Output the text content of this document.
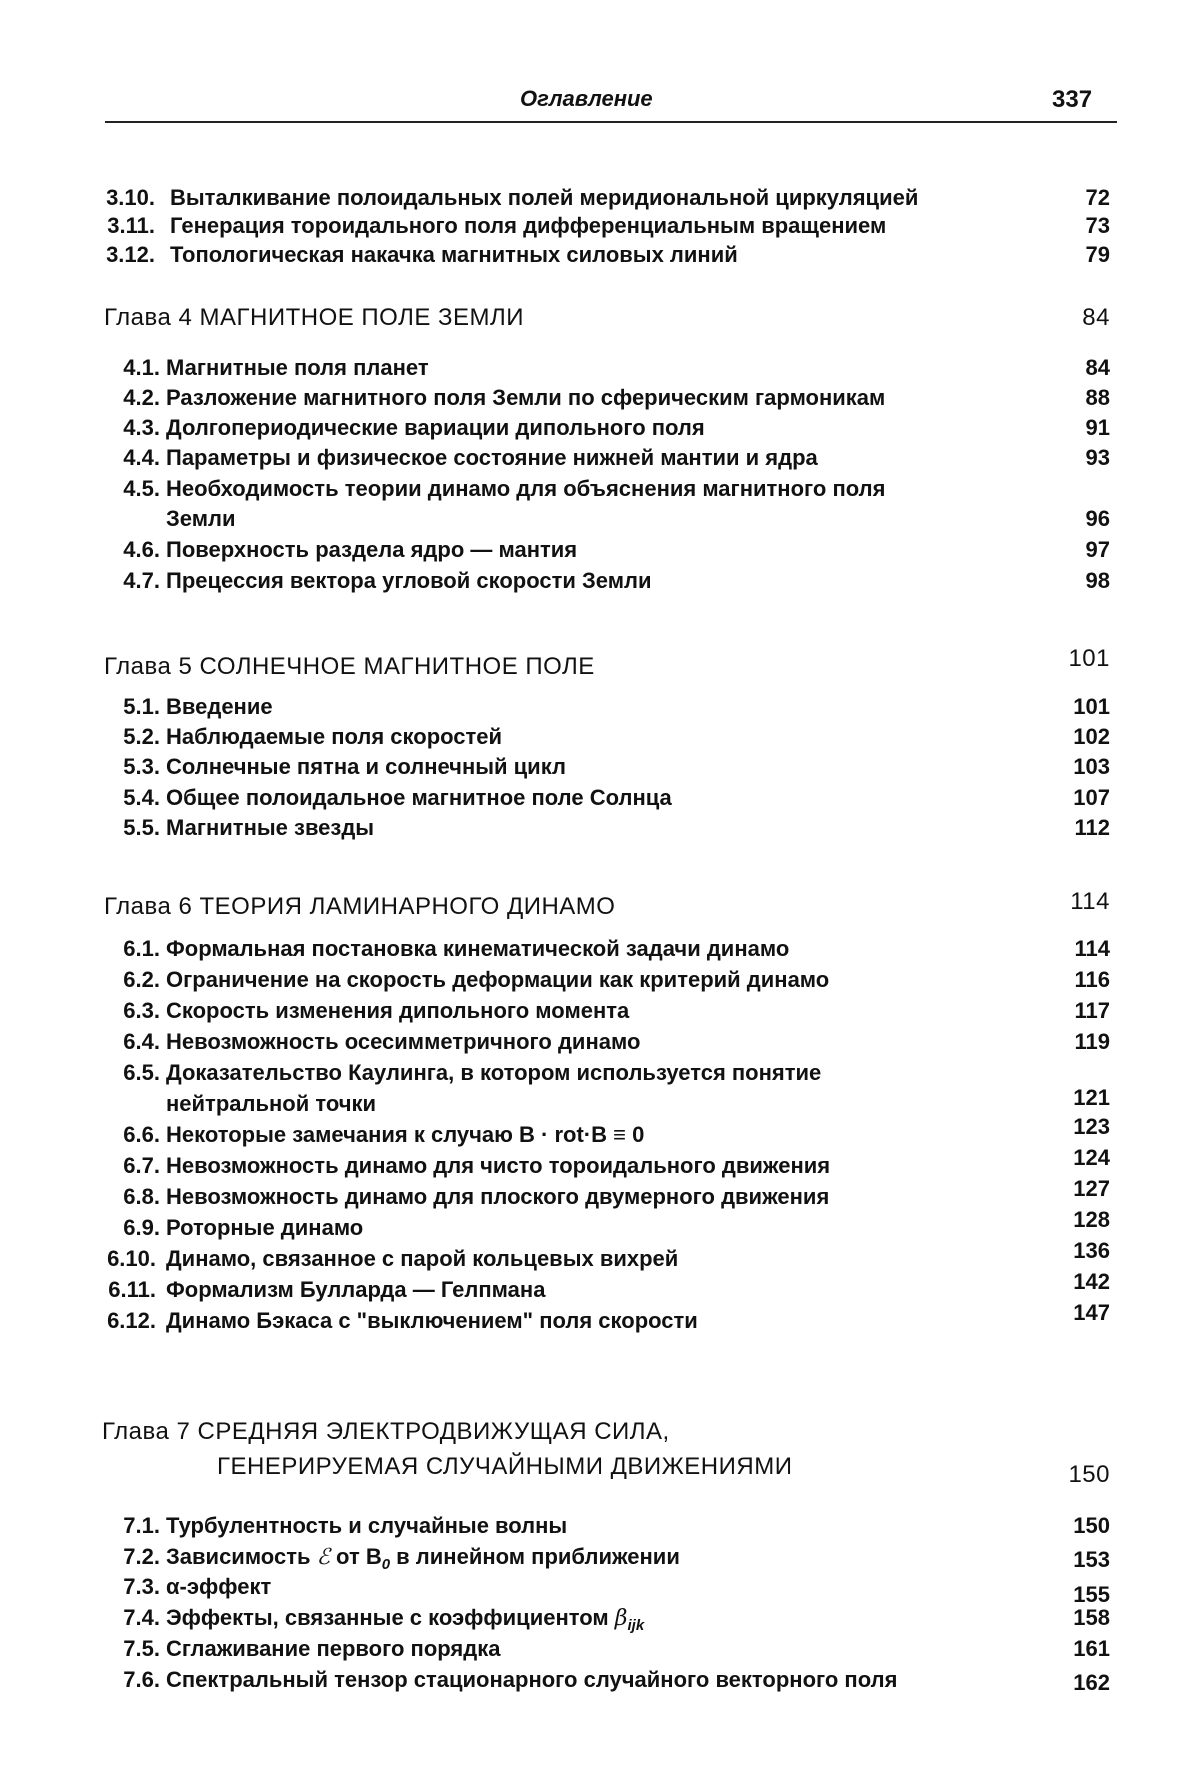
Оглавление	337
3.10. Выталкивание полоидальных полей меридиональной циркуляцией	72
3.11. Генерация тороидального поля дифференциальным вращением	73
3.12. Топологическая накачка магнитных силовых линий	79
Глава 4 МАГНИТНОЕ ПОЛЕ ЗЕМЛИ	84
4.1. Магнитные поля планет	84
4.2. Разложение магнитного поля Земли по сферическим гармоникам	88
4.3. Долгопериодические вариации дипольного поля	91
4.4. Параметры и физическое состояние нижней мантии и ядра	93
4.5. Необходимость теории динамо для объяснения магнитного поля
Земли	96
4.6. Поверхность раздела ядро — мантия	97
4.7. Прецессия вектора угловой скорости Земли	98
Глава 5 СОЛНЕЧНОЕ МАГНИТНОЕ ПОЛЕ	101
5.1. Введение	101
5.2. Наблюдаемые поля скоростей	102
5.3. Солнечные пятна и солнечный цикл	103
5.4. Общее полоидальное магнитное поле Солнца	107
5.5. Магнитные звезды	112
Глава 6 ТЕОРИЯ ЛАМИНАРНОГО ДИНАМО	114
6.1. Формальная постановка кинематической задачи динамо	114
6.2. Ограничение на скорость деформации как критерий динамо	116
6.3. Скорость изменения дипольного момента	117
6.4. Невозможность осесимметричного динамо	119
6.5. Доказательство Каулинга, в котором используется понятие
нейтральной точки	121
6.6. Некоторые замечания к случаю B · rot·B ≡ 0	123
6.7. Невозможность динамо для чисто тороидального движения	124
6.8. Невозможность динамо для плоского двумерного движения	127
6.9. Роторные динамо	128
6.10. Динамо, связанное с парой кольцевых вихрей	136
6.11. Формализм Булларда — Гелпмана	142
6.12. Динамо Бэкаса с "выключением" поля скорости	147
Глава 7 СРЕДНЯЯ ЭЛЕКТРОДВИЖУЩАЯ СИЛА,
ГЕНЕРИРУЕМАЯ СЛУЧАЙНЫМИ ДВИЖЕНИЯМИ	150
7.1. Турбулентность и случайные волны	150
7.2. Зависимость ℰ от $B_0$ в линейном приближении	153
7.3. α-эффект	155
7.4. Эффекты, связанные с коэффициентом $\beta_{ijk}$	158
7.5. Сглаживание первого порядка	161
7.6. Спектральный тензор стационарного случайного векторного поля	162
